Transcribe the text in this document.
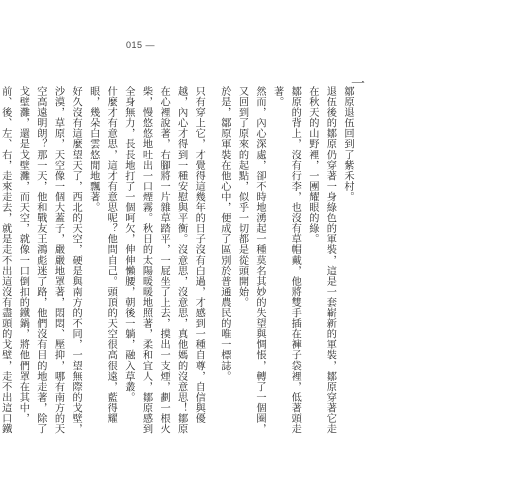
015 —
一

鄒原退伍回到了紫禾村。

退伍後的鄒原仍穿著一身綠色的軍裝，這是一套嶄新的軍裝，鄒原穿著它走在秋天的山野裡，一團耀眼的綠。

鄒原的背上，沒有行李，也沒有草帽戴，他將雙手插在褲子袋裡，低著頭走著。

然而，內心深處，卻不時地湧起一種莫名其妙的失望與惆悵，轉了一個圈，又回到了原來的起點，似乎一切都是從頭開始。

於是，鄒原軍裝在他心中，便成了區別於普通農民的唯一標誌。

只有穿上它，才覺得這幾年的日子沒有白過，才感到一種自尊，自信與優越，內心才得到一種安慰與平衡。沒意思，沒意思，真他媽的沒意思！鄒原在心裡說著，右腳將一片雜草踏平，一屁坐了上去，摸出一支煙，劃一根火柴，慢悠悠地吐出一口煙霧。秋日的太陽暖暖地照著，柔和宜人，鄒原感到全身無力，長長地打了一個呵欠，伸伸懶腰，朝後一躺，融入草叢。

什麼才有意思，這才有意思呢？他問自己。頭頂的天空很高很遠，藍得耀眼，幾朵白雲悠閒地飄著。

好久沒有這麼望天了，西北的天空，硬是與南方的不同，一望無際的戈壁，沙漠，草原，天空像一個大蓋子，嚴嚴地罩著，悶悶、壓抑，哪有南方的天空高遠明朗？那一天，他和戰友王鴻彪迷了路，他們沒有目的地走著，除了戈壁灘，還是戈壁灘，而天空，就像一口倒扣的鐵鍋，將他們罩在其中，前、後、左、右，走來走去，就是走不出這沒有盡頭的戈壁，走不出這口鐵
